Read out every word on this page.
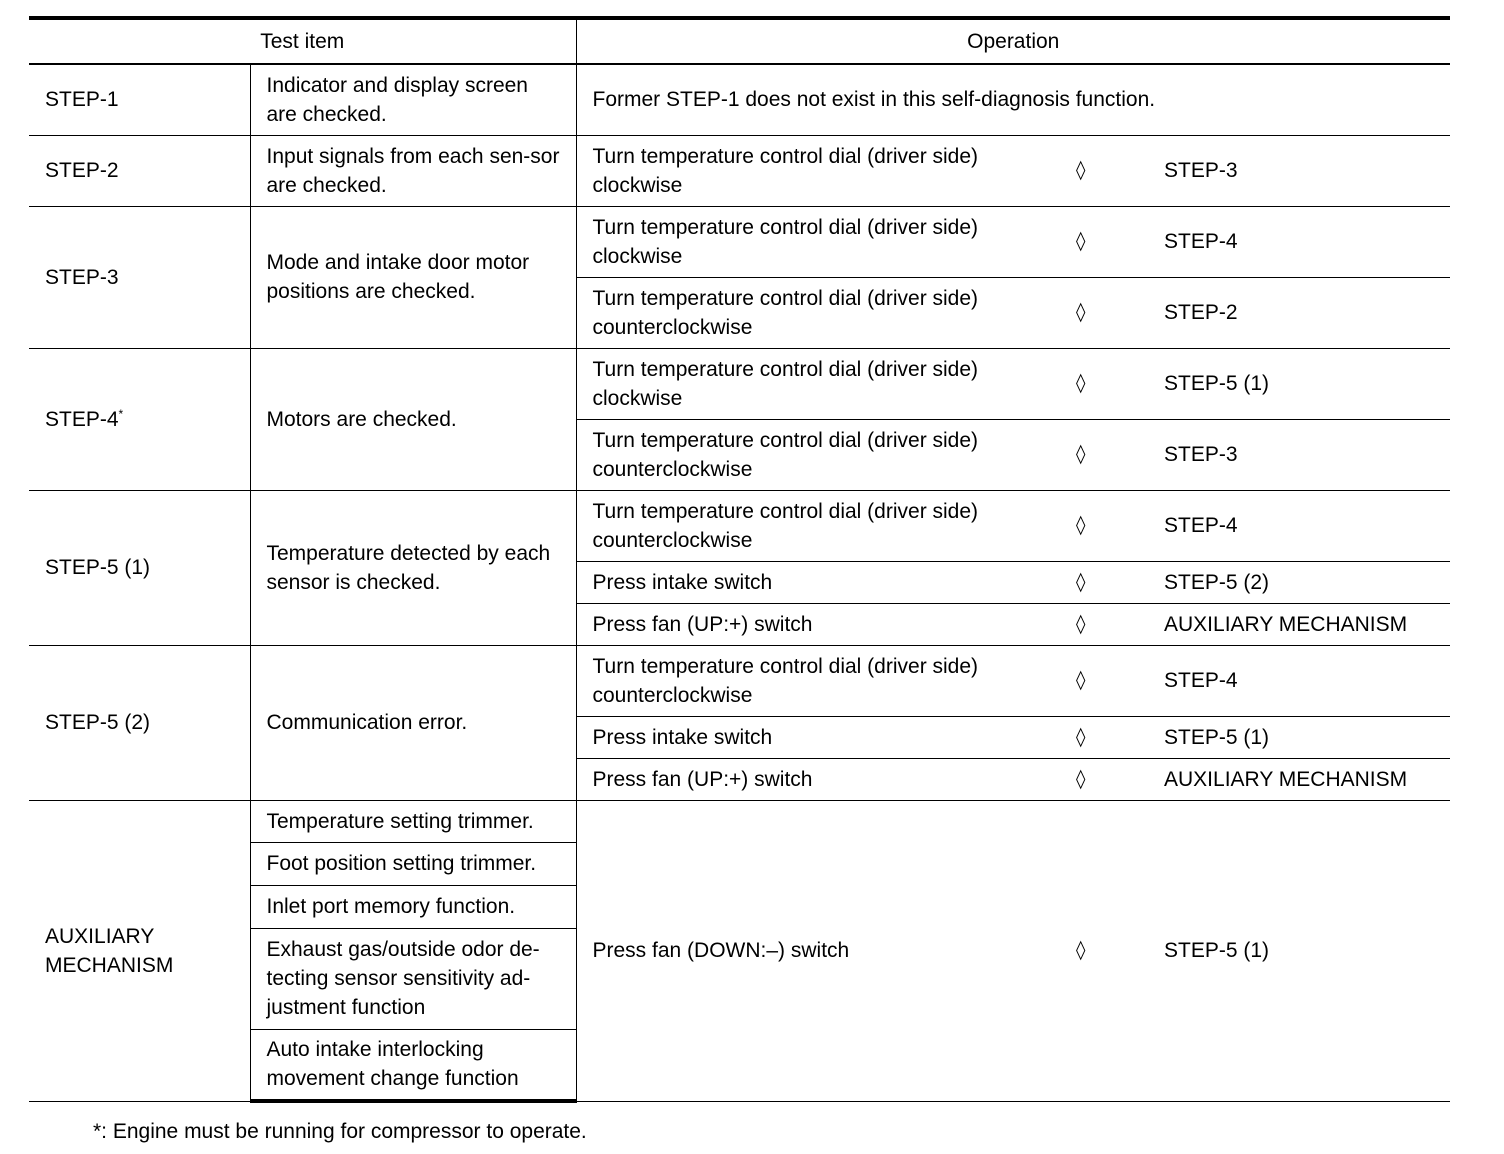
Test item		Operation		
STEP-1	Indicator and display screen are checked.	Former STEP-1 does not exist in this self-diagnosis function.		
STEP-2	Input signals from each sen-sor are checked.	Turn temperature control dial (driver side) clockwise	◊	STEP-3
STEP-3	Mode and intake door motor positions are checked.	Turn temperature control dial (driver side) clockwise	◊	STEP-4
		Turn temperature control dial (driver side) counterclockwise	◊	STEP-2
STEP-4*	Motors are checked.	Turn temperature control dial (driver side) clockwise	◊	STEP-5 (1)
		Turn temperature control dial (driver side) counterclockwise	◊	STEP-3
STEP-5 (1)	Temperature detected by each sensor is checked.	Turn temperature control dial (driver side) counterclockwise	◊	STEP-4
		Press intake switch	◊	STEP-5 (2)
		Press fan (UP:+) switch	◊	AUXILIARY MECHANISM
STEP-5 (2)	Communication error.	Turn temperature control dial (driver side) counterclockwise	◊	STEP-4
		Press intake switch	◊	STEP-5 (1)
		Press fan (UP:+) switch	◊	AUXILIARY MECHANISM
AUXILIARY MECHANISM	Temperature setting trimmer.	Press fan (DOWN:–) switch	◊	STEP-5 (1)
	Foot position setting trimmer.			
	Inlet port memory function.			
	Exhaust gas/outside odor de-tecting sensor sensitivity ad-justment function			
	Auto intake interlocking movement change function			
*: Engine must be running for compressor to operate.
